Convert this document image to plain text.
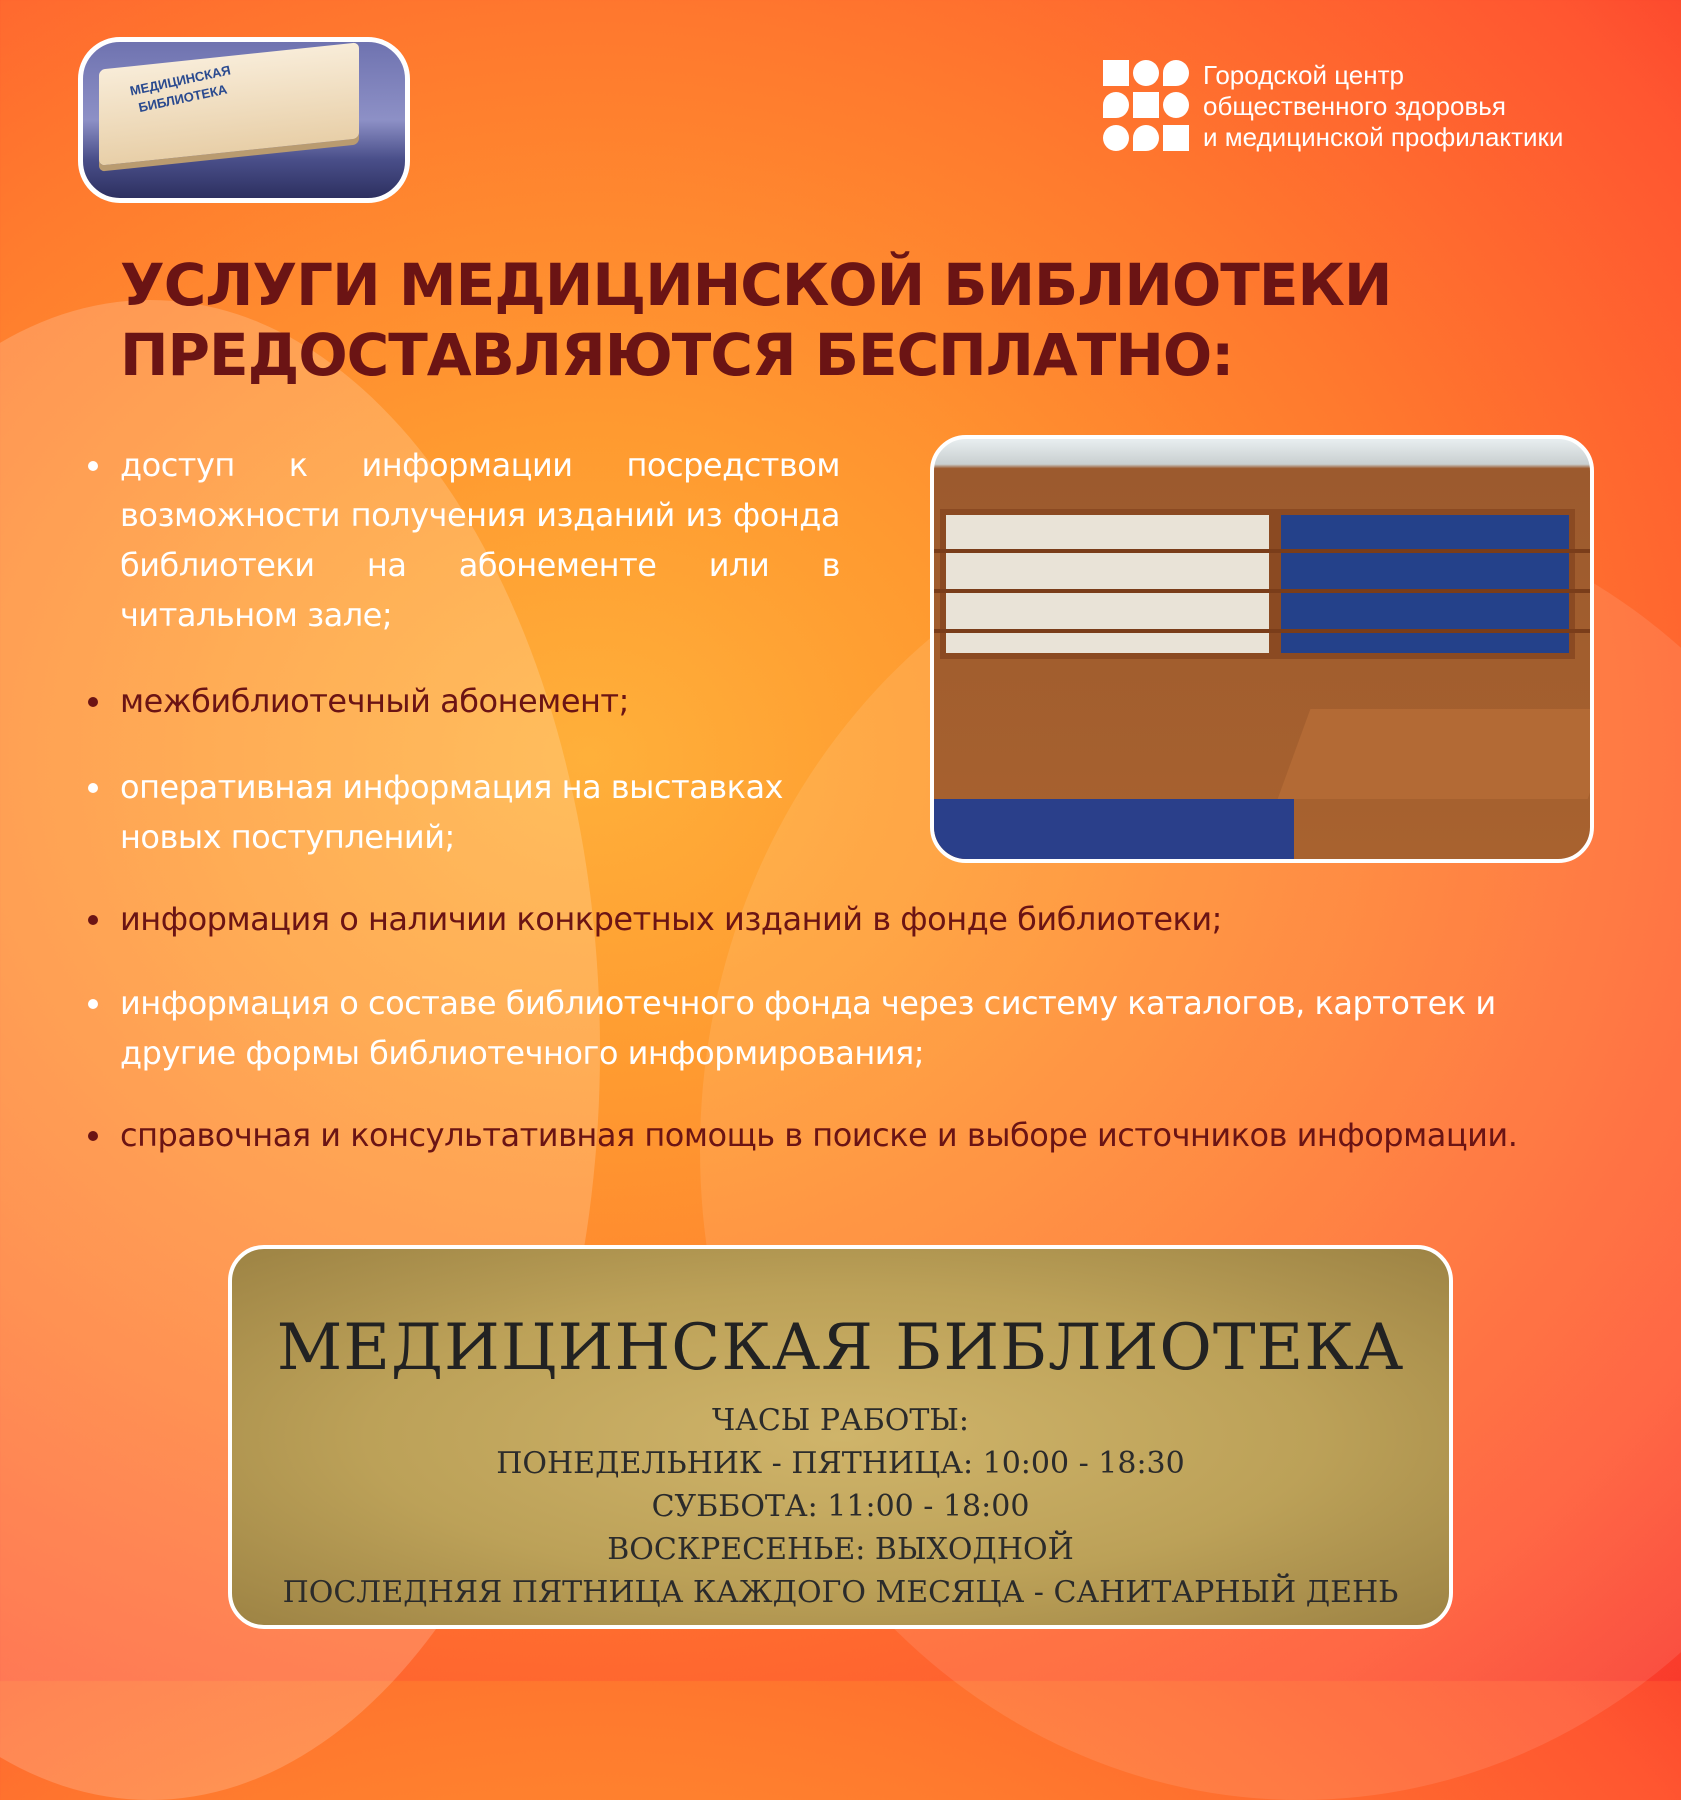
МЕДИЦИНСКАЯ БИБЛИОТЕКА
Городской центр
общественного здоровья
и медицинской профилактики
УСЛУГИ МЕДИЦИНСКОЙ БИБЛИОТЕКИ
ПРЕДОСТАВЛЯЮТСЯ БЕСПЛАТНО:
доступ к информации посредством возможности получения изданий из фонда библиотеки на абонементе или в читальном зале;
межбиблиотечный абонемент;
оперативная информация на выставках новых поступлений;
информация о наличии конкретных изданий в фонде библиотеки;
информация о составе библиотечного фонда через систему каталогов, картотек и другие формы библиотечного информирования;
справочная и консультативная помощь в поиске и выборе источников информации.
МЕДИЦИНСКАЯ БИБЛИОТЕКА
ЧАСЫ РАБОТЫ:
ПОНЕДЕЛЬНИК - ПЯТНИЦА: 10:00 - 18:30
СУББОТА: 11:00 - 18:00
ВОСКРЕСЕНЬЕ: ВЫХОДНОЙ
ПОСЛЕДНЯЯ ПЯТНИЦА КАЖДОГО МЕСЯЦА - САНИТАРНЫЙ ДЕНЬ
